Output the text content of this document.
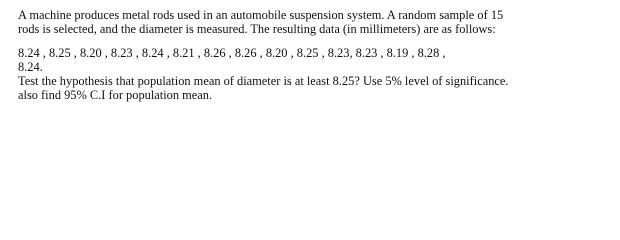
A machine produces metal rods used in an automobile suspension system. A random sample of 15
rods is selected, and the diameter is measured. The resulting data (in millimeters) are as follows:
8.24 , 8.25 , 8.20 , 8.23 , 8.24 , 8.21 , 8.26 , 8.26 , 8.20 , 8.25 , 8.23, 8.23 , 8.19 , 8.28 ,
8.24.
Test the hypothesis that population mean of diameter is at least 8.25? Use 5% level of significance.
also find 95% C.I for population mean.
